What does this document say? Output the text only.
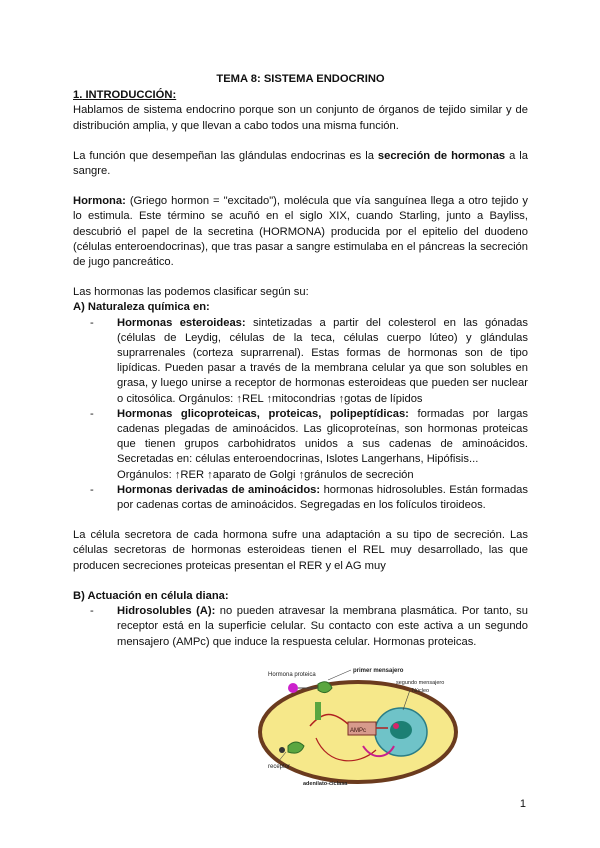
TEMA 8: SISTEMA ENDOCRINO
1. INTRODUCCIÓN:

Hablamos de sistema endocrino porque son un conjunto de órganos de tejido similar y de distribución amplia, y que llevan a cabo todos una misma función.

La función que desempeñan las glándulas endocrinas es la secreción de hormonas a la sangre.

Hormona: (Griego hormon = "excitado"), molécula que vía sanguínea llega a otro tejido y lo estimula. Este término se acuñó en el siglo XIX, cuando Starling, junto a Bayliss, descubrió el papel de la secretina (HORMONA) producida por el epitelio del duodeno (células enteroendocrinas), que tras pasar a sangre estimulaba en el páncreas la secreción de jugo pancreático.

Las hormonas las podemos clasificar según su:

A) Naturaleza química en:
- Hormonas esteroideas: sintetizadas a partir del colesterol en las gónadas (células de Leydig, células de la teca, células cuerpo lúteo) y glándulas suprarrenales (corteza suprarrenal). Estas formas de hormonas son de tipo lipídicas. Pueden pasar a través de la membrana celular ya que son solubles en grasa, y luego unirse a receptor de hormonas esteroideas que pueden ser nuclear o citosólica. Orgánulos: ↑REL ↑mitocondrias ↑gotas de lípidos
- Hormonas glicoproteicas, proteicas, polipeptídicas: formadas por largas cadenas plegadas de aminoácidos. Las glicoproteínas, son hormonas proteicas que tienen grupos carbohidratos unidos a sus cadenas de aminoácidos. Secretadas en: células enteroendocrinas, Islotes Langerhans, Hipófisis...
Orgánulos: ↑RER ↑aparato de Golgi ↑gránulos de secreción
- Hormonas derivadas de aminoácidos: hormonas hidrosolubles. Están formadas por cadenas cortas de aminoácidos. Segregadas en los folículos tiroideos.

La célula secretora de cada hormona sufre una adaptación a su tipo de secreción. Las células secretoras de hormonas esteroideas tienen el REL muy desarrollado, las que producen secreciones proteicas presentan el RER y el AG muy

B) Actuación en célula diana:
- Hidrosolubles (A): no pueden atravesar la membrana plasmática. Por tanto, su receptor está en la superficie celular. Su contacto con este activa a un segundo mensajero (AMPc) que induce la respuesta celular. Hormonas proteicas.
Hormona proteica
primer mensajero
segundo mensajero
Núcleo
AMPc
receptor
adenilato-ciclasa
1
